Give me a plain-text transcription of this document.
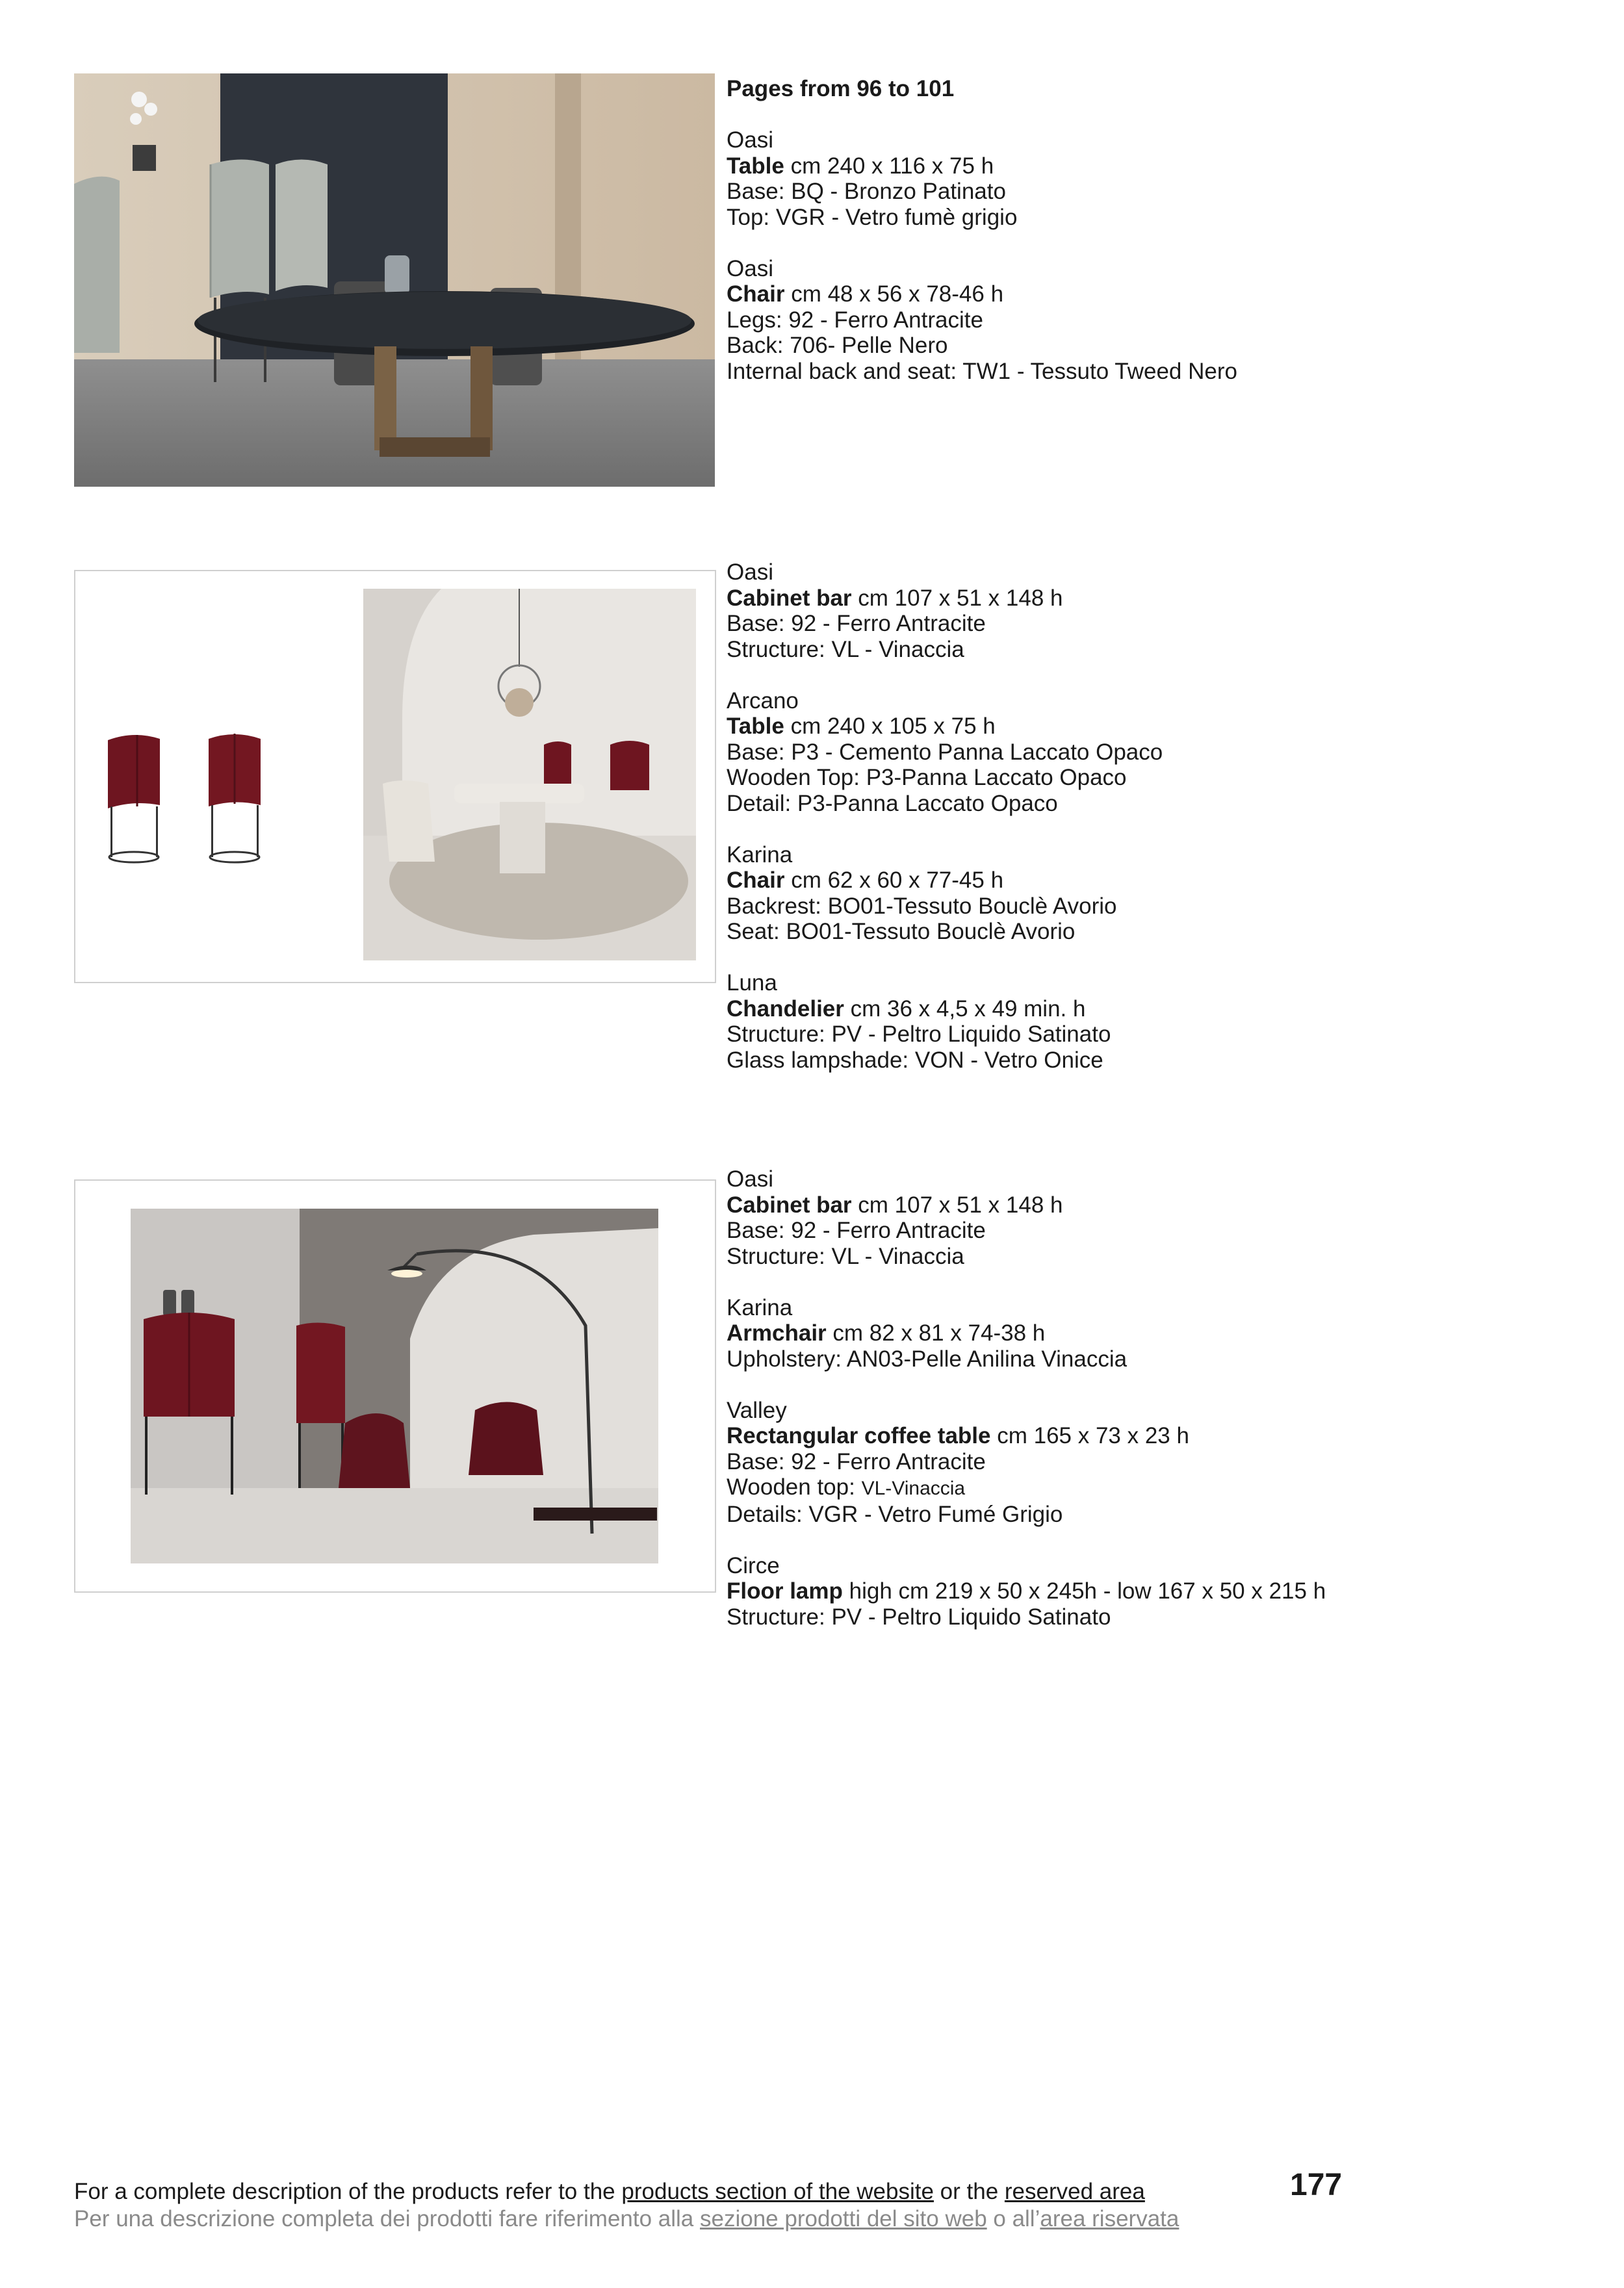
Pages from 96 to 101
Oasi
Table cm 240 x 116 x 75 h
Base: BQ - Bronzo Patinato
Top: VGR - Vetro fumè grigio
Oasi
Chair cm 48 x 56 x 78-46 h
Legs: 92 - Ferro Antracite
Back: 706- Pelle Nero
Internal back and seat: TW1 - Tessuto Tweed Nero
Oasi
Cabinet bar cm 107 x 51 x 148 h
Base: 92 - Ferro Antracite
Structure: VL - Vinaccia
Arcano
Table cm 240 x 105 x 75 h
Base: P3 - Cemento Panna Laccato Opaco
Wooden Top: P3-Panna Laccato Opaco
Detail: P3-Panna Laccato Opaco
Karina
Chair cm 62 x 60 x 77-45 h
Backrest: BO01-Tessuto Bouclè Avorio
Seat: BO01-Tessuto Bouclè Avorio
Luna
Chandelier cm 36 x 4,5 x 49 min. h
Structure: PV - Peltro Liquido Satinato
Glass lampshade: VON - Vetro Onice
Oasi
Cabinet bar cm 107 x 51 x 148 h
Base: 92 - Ferro Antracite
Structure: VL - Vinaccia
Karina
Armchair cm 82 x 81 x 74-38 h
Upholstery: AN03-Pelle Anilina Vinaccia
Valley
Rectangular coffee table cm 165 x 73 x 23 h
Base: 92 - Ferro Antracite
Wooden top: VL-Vinaccia
Details: VGR - Vetro Fumé Grigio
Circe
Floor lamp high cm 219 x 50 x 245h - low 167 x 50 x 215 h
Structure: PV - Peltro Liquido Satinato
For a complete description of the products refer to the products section of the website or the reserved area
Per una descrizione completa dei prodotti fare riferimento alla sezione prodotti del sito web o all’area riservata
177
